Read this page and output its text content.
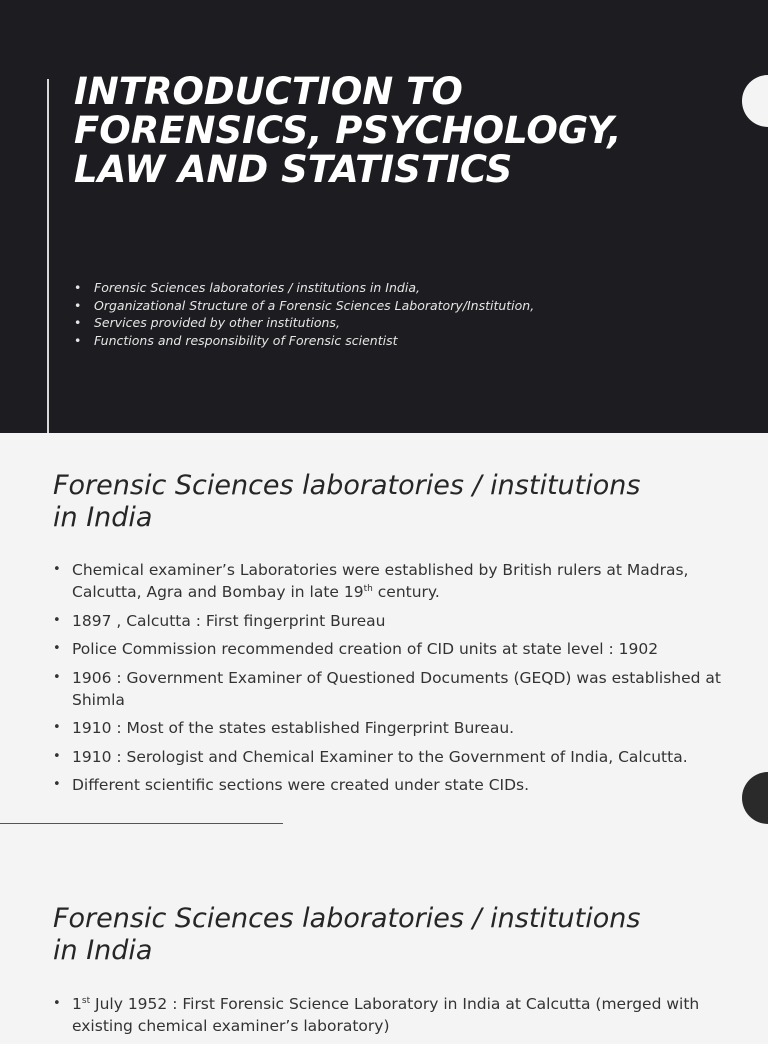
INTRODUCTION TO
FORENSICS, PSYCHOLOGY,
LAW AND STATISTICS
• Forensic Sciences laboratories / institutions in India,
• Organizational Structure of a Forensic Sciences Laboratory/Institution,
• Services provided by other institutions,
• Functions and responsibility of Forensic scientist
Forensic Sciences laboratories / institutions
in India
• Chemical examiner’s Laboratories were established by British rulers at Madras, Calcutta, Agra and Bombay in late 19th century.
• 1897 , Calcutta : First fingerprint Bureau
• Police Commission recommended creation of CID units at state level : 1902
• 1906 : Government Examiner of Questioned Documents (GEQD) was established at Shimla
• 1910 : Most of the states established Fingerprint Bureau.
• 1910 : Serologist and Chemical Examiner to the Government of India, Calcutta.
• Different scientific sections were created under state CIDs.
Forensic Sciences laboratories / institutions
in India
• 1st July 1952 : First Forensic Science Laboratory in India at Calcutta (merged with existing chemical examiner’s laboratory)
